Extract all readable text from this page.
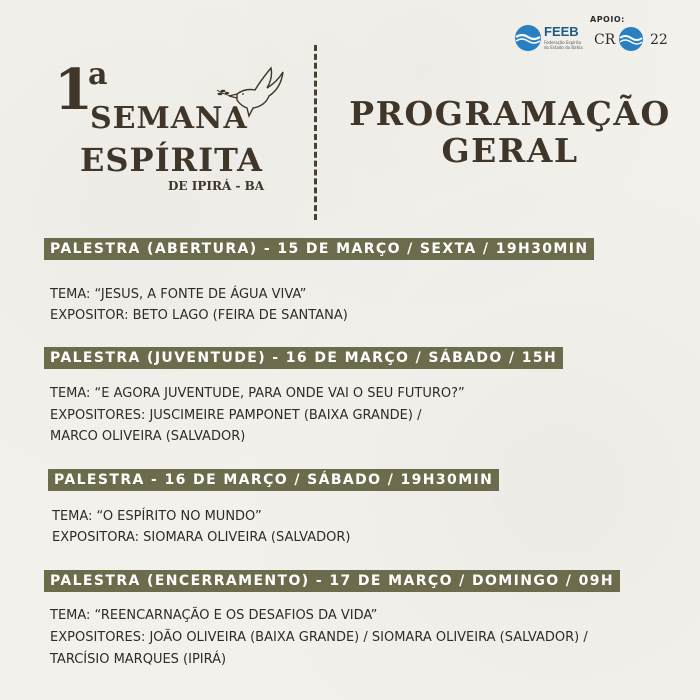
APOIO:
FEEB
Federação Espírita do Estado da Bahia CR 22
1
a
SEMANA
ESPÍRITA
DE IPIRÁ - BA
PROGRAMAÇÃO
GERAL
PALESTRA (ABERTURA) - 15 DE MARÇO / SEXTA / 19H30MIN
TEMA: “JESUS, A FONTE DE ÁGUA VIVA”
EXPOSITOR: BETO LAGO (FEIRA DE SANTANA)
PALESTRA (JUVENTUDE) - 16 DE MARÇO / SÁBADO / 15H
TEMA: “E AGORA JUVENTUDE, PARA ONDE VAI O SEU FUTURO?”
EXPOSITORES: JUSCIMEIRE PAMPONET (BAIXA GRANDE) /
MARCO OLIVEIRA (SALVADOR)
PALESTRA - 16 DE MARÇO / SÁBADO / 19H30MIN
TEMA: “O ESPÍRITO NO MUNDO”
EXPOSITORA: SIOMARA OLIVEIRA (SALVADOR)
PALESTRA (ENCERRAMENTO) - 17 DE MARÇO / DOMINGO / 09H
TEMA: “REENCARNAÇÃO E OS DESAFIOS DA VIDA”
EXPOSITORES: JOÃO OLIVEIRA (BAIXA GRANDE) / SIOMARA OLIVEIRA (SALVADOR) /
TARCÍSIO MARQUES (IPIRÁ)
